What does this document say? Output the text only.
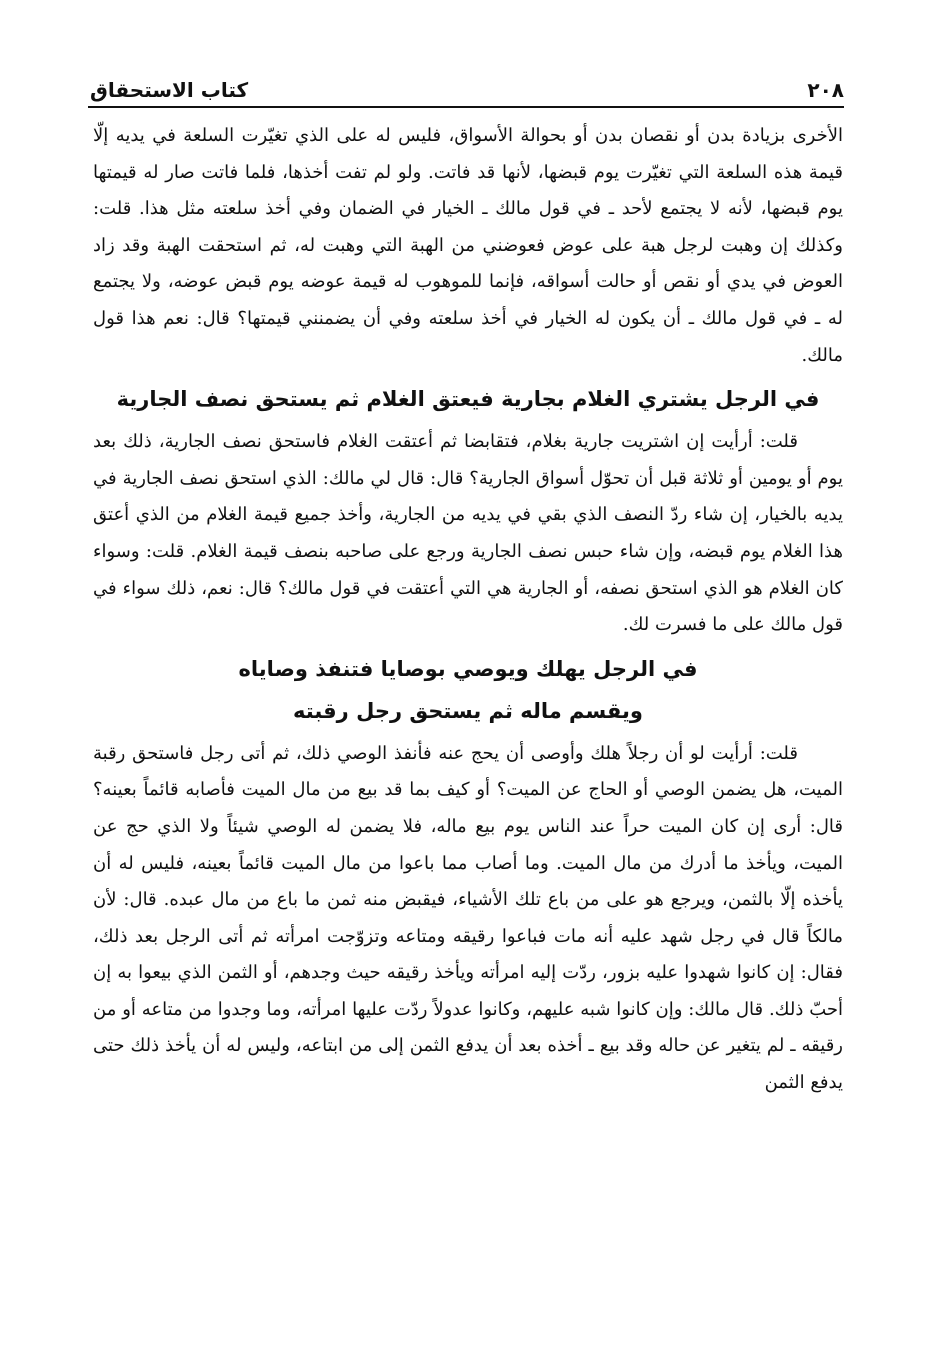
٢٠٨
كتاب الاستحقاق

الأخرى بزيادة بدن أو نقصان بدن أو بحوالة الأسواق، فليس له على الذي تغيّرت السلعة في يديه إلّا قيمة هذه السلعة التي تغيّرت يوم قبضها، لأنها قد فاتت. ولو لم تفت أخذها، فلما فاتت صار له قيمتها يوم قبضها، لأنه لا يجتمع لأحد ـ في قول مالك ـ الخيار في الضمان وفي أخذ سلعته مثل هذا. قلت: وكذلك إن وهبت لرجل هبة على عوض فعوضني من الهبة التي وهبت له، ثم استحقت الهبة وقد زاد العوض في يدي أو نقص أو حالت أسواقه، فإنما للموهوب له قيمة عوضه يوم قبض عوضه، ولا يجتمع له ـ في قول مالك ـ أن يكون له الخيار في أخذ سلعته وفي أن يضمنني قيمتها؟ قال: نعم هذا قول مالك.

في الرجل يشتري الغلام بجارية فيعتق الغلام ثم يستحق نصف الجارية

قلت: أرأيت إن اشتريت جارية بغلام، فتقابضا ثم أعتقت الغلام فاستحق نصف الجارية، ذلك بعد يوم أو يومين أو ثلاثة قبل أن تحوّل أسواق الجارية؟ قال: قال لي مالك: الذي استحق نصف الجارية في يديه بالخيار، إن شاء ردّ النصف الذي بقي في يديه من الجارية، وأخذ جميع قيمة الغلام من الذي أعتق هذا الغلام يوم قبضه، وإن شاء حبس نصف الجارية ورجع على صاحبه بنصف قيمة الغلام. قلت: وسواء كان الغلام هو الذي استحق نصفه، أو الجارية هي التي أعتقت في قول مالك؟ قال: نعم، ذلك سواء في قول مالك على ما فسرت لك.

في الرجل يهلك ويوصي بوصايا فتنفذ وصاياه
ويقسم ماله ثم يستحق رجل رقبته

قلت: أرأيت لو أن رجلاً هلك وأوصى أن يحج عنه فأنفذ الوصي ذلك، ثم أتى رجل فاستحق رقبة الميت، هل يضمن الوصي أو الحاج عن الميت؟ أو كيف بما قد بيع من مال الميت فأصابه قائماً بعينه؟ قال: أرى إن كان الميت حراً عند الناس يوم بيع ماله، فلا يضمن له الوصي شيئاً ولا الذي حج عن الميت، ويأخذ ما أدرك من مال الميت. وما أصاب مما باعوا من مال الميت قائماً بعينه، فليس له أن يأخذه إلّا بالثمن، ويرجع هو على من باع تلك الأشياء، فيقبض منه ثمن ما باع من مال عبده. قال: لأن مالكاً قال في رجل شهد عليه أنه مات فباعوا رقيقه ومتاعه وتزوّجت امرأته ثم أتى الرجل بعد ذلك، فقال: إن كانوا شهدوا عليه بزور، ردّت إليه امرأته ويأخذ رقيقه حيث وجدهم، أو الثمن الذي بيعوا به إن أحبّ ذلك. قال مالك: وإن كانوا شبه عليهم، وكانوا عدولاً ردّت عليها امرأته، وما وجدوا من متاعه أو من رقيقه ـ لم يتغير عن حاله وقد بيع ـ أخذه بعد أن يدفع الثمن إلى من ابتاعه، وليس له أن يأخذ ذلك حتى يدفع الثمن
